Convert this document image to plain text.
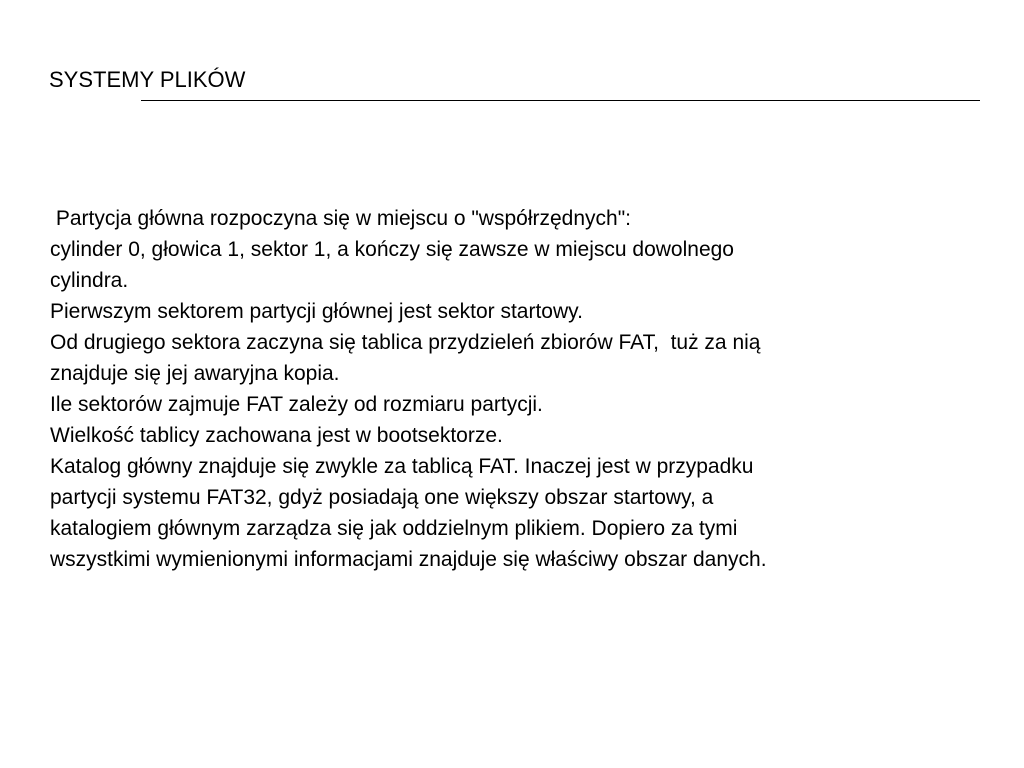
SYSTEMY PLIKÓW
Partycja główna rozpoczyna się w miejscu o "współrzędnych":
cylinder 0, głowica 1, sektor 1, a kończy się zawsze w miejscu dowolnego
cylindra.
Pierwszym sektorem partycji głównej jest sektor startowy.
Od drugiego sektora zaczyna się tablica przydzieleń zbiorów FAT,  tuż za nią
znajduje się jej awaryjna kopia.
Ile sektorów zajmuje FAT zależy od rozmiaru partycji.
Wielkość tablicy zachowana jest w bootsektorze.
Katalog główny znajduje się zwykle za tablicą FAT. Inaczej jest w przypadku
partycji systemu FAT32, gdyż posiadają one większy obszar startowy, a
katalogiem głównym zarządza się jak oddzielnym plikiem. Dopiero za tymi
wszystkimi wymienionymi informacjami znajduje się właściwy obszar danych.
